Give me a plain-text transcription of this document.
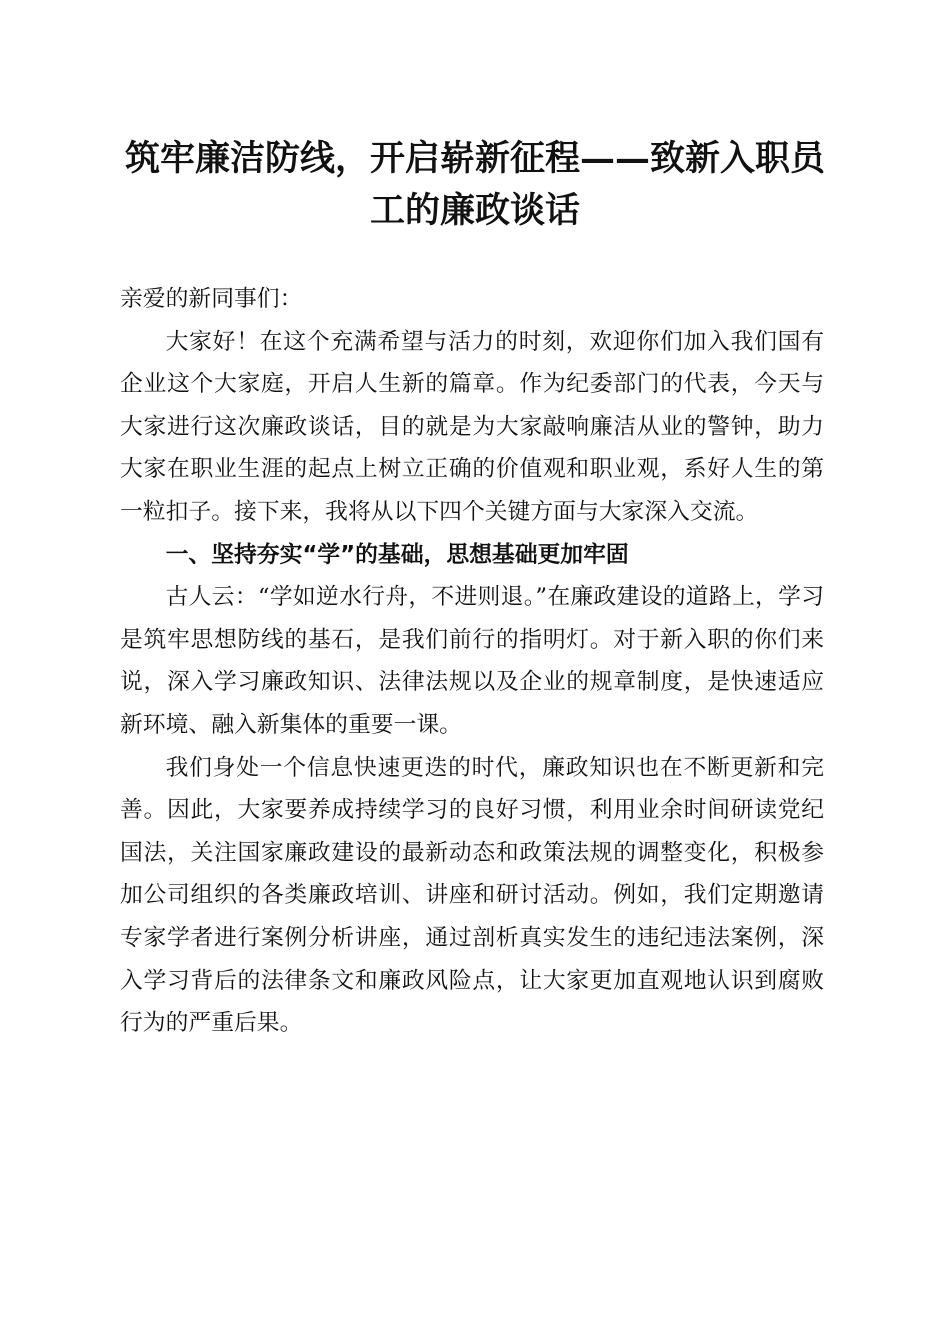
筑牢廉洁防线，开启崭新征程——致新入职员工的廉政谈话

亲爱的新同事们：

大家好！在这个充满希望与活力的时刻，欢迎你们加入我们国有企业这个大家庭，开启人生新的篇章。作为纪委部门的代表，今天与大家进行这次廉政谈话，目的就是为大家敲响廉洁从业的警钟，助力大家在职业生涯的起点上树立正确的价值观和职业观，系好人生的第一粒扣子。接下来，我将从以下四个关键方面与大家深入交流。

一、坚持夯实“学”的基础，思想基础更加牢固

古人云：“学如逆水行舟，不进则退。”在廉政建设的道路上，学习是筑牢思想防线的基石，是我们前行的指明灯。对于新入职的你们来说，深入学习廉政知识、法律法规以及企业的规章制度，是快速适应新环境、融入新集体的重要一课。

我们身处一个信息快速更迭的时代，廉政知识也在不断更新和完善。因此，大家要养成持续学习的良好习惯，利用业余时间研读党纪国法，关注国家廉政建设的最新动态和政策法规的调整变化，积极参加公司组织的各类廉政培训、讲座和研讨活动。例如，我们定期邀请专家学者进行案例分析讲座，通过剖析真实发生的违纪违法案例，深入学习背后的法律条文和廉政风险点，让大家更加直观地认识到腐败行为的严重后果。
